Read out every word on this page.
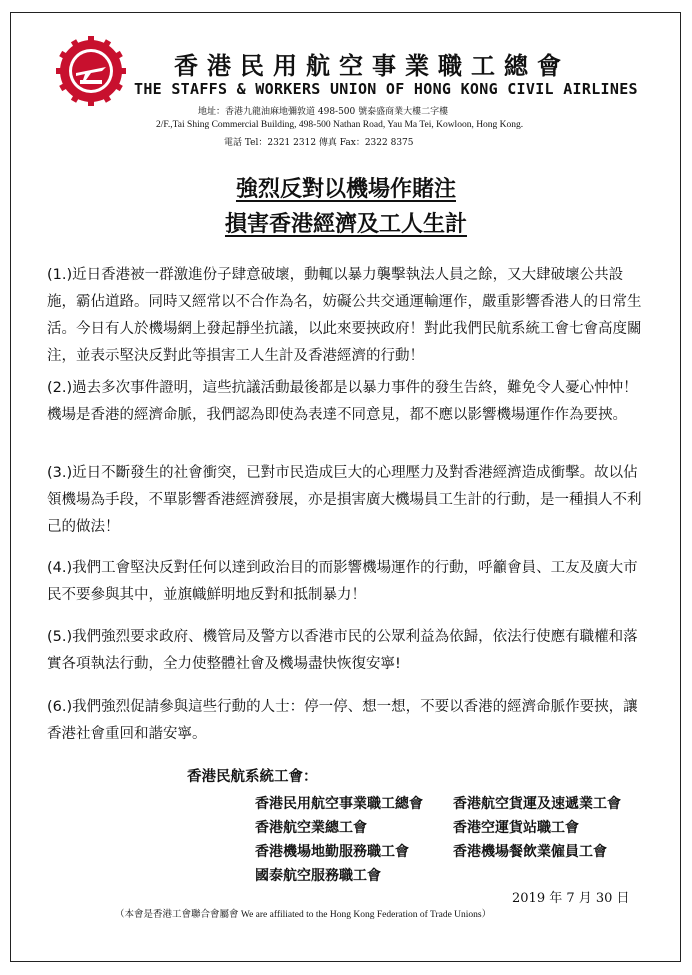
香港民用航空事業職工總會
THE STAFFS & WORKERS UNION OF HONG KONG CIVIL AIRLINES
地址：香港九龍油麻地彌敦道 498-500 號泰盛商業大樓二字樓
2/F.,Tai Shing Commercial Building, 498-500 Nathan Road, Yau Ma Tei, Kowloon, Hong Kong.
電話 Tel：2321 2312 傳真 Fax：2322 8375
強烈反對以機場作賭注
損害香港經濟及工人生計
(1.)近日香港被一群激進份子肆意破壞，動輒以暴力襲擊執法人員之餘，又大肆破壞公共設施，霸佔道路。同時又經常以不合作為名，妨礙公共交通運輸運作，嚴重影響香港人的日常生活。今日有人於機場網上發起靜坐抗議，以此來要挾政府！對此我們民航系統工會七會高度關注，並表示堅決反對此等損害工人生計及香港經濟的行動！
(2.)過去多次事件證明，這些抗議活動最後都是以暴力事件的發生告終，難免令人憂心忡忡！機場是香港的經濟命脈，我們認為即使為表達不同意見，都不應以影響機場運作作為要挾。
(3.)近日不斷發生的社會衝突，已對市民造成巨大的心理壓力及對香港經濟造成衝擊。故以佔領機場為手段，不單影響香港經濟發展，亦是損害廣大機場員工生計的行動，是一種損人不利己的做法！
(4.)我們工會堅決反對任何以達到政治目的而影響機場運作的行動，呼籲會員、工友及廣大市民不要參與其中，並旗幟鮮明地反對和抵制暴力！
(5.)我們強烈要求政府、機管局及警方以香港市民的公眾利益為依歸，依法行使應有職權和落實各項執法行動，全力使整體社會及機場盡快恢復安寧!
(6.)我們強烈促請參與這些行動的人士：停一停、想一想，不要以香港的經濟命脈作要挾，讓香港社會重回和諧安寧。
香港民航系統工會：
香港民用航空事業職工總會 香港航空貨運及速遞業工會
香港航空業總工會	香港空運貨站職工會
香港機場地勤服務職工會	香港機場餐飲業僱員工會
國泰航空服務職工會
2019 年 7 月 30 日
（本會是香港工會聯合會屬會 We are affiliated to the Hong Kong Federation of Trade Unions）
